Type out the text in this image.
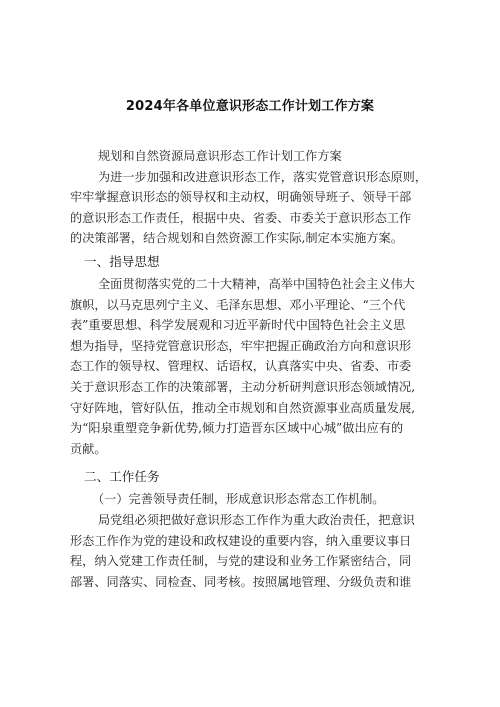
2024年各单位意识形态工作计划工作方案
规划和自然资源局意识形态工作计划工作方案
为进一步加强和改进意识形态工作，落实党管意识形态原则，
牢牢掌握意识形态的领导权和主动权，明确领导班子、领导干部
的意识形态工作责任，根据中央、省委、市委关于意识形态工作
的决策部署，结合规划和自然资源工作实际,制定本实施方案。
一、指导思想
全面贯彻落实党的二十大精神，高举中国特色社会主义伟大
旗帜，以马克思列宁主义、毛泽东思想、邓小平理论、“三个代
表”重要思想、科学发展观和习近平新时代中国特色社会主义思
想为指导，坚持党管意识形态，牢牢把握正确政治方向和意识形
态工作的领导权、管理权、话语权，认真落实中央、省委、市委
关于意识形态工作的决策部署，主动分析研判意识形态领域情况,
守好阵地，管好队伍，推动全市规划和自然资源事业高质量发展,
为“阳泉重塑竞争新优势,倾力打造晋东区域中心城”做出应有的
贡献。
二、工作任务
（一）完善领导责任制，形成意识形态常态工作机制。
局党组必须把做好意识形态工作作为重大政治责任，把意识
形态工作作为党的建设和政权建设的重要内容，纳入重要议事日
程，纳入党建工作责任制，与党的建设和业务工作紧密结合，同
部署、同落实、同检查、同考核。按照属地管理、分级负责和谁
